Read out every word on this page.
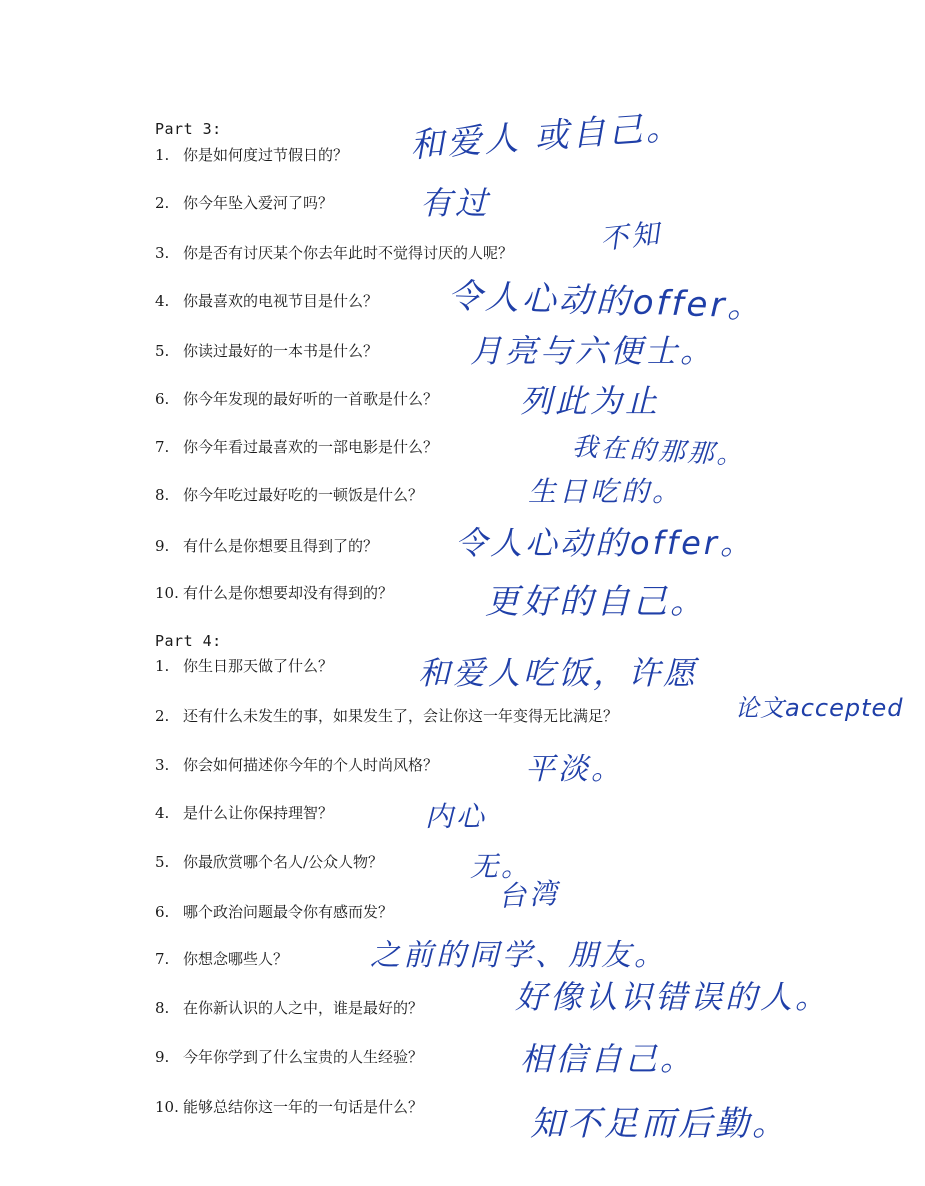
Part 3:
1. 你是如何度过节假日的？ 和爱人 或自己。
2. 你今年坠入爱河了吗？	有过
3. 你是否有讨厌某个你去年此时不觉得讨厌的人呢？	不知
4. 你最喜欢的电视节目是什么？ 令人心动的offer。
5. 你读过最好的一本书是什么？	月亮与六便士。
6. 你今年发现的最好听的一首歌是什么？	列此为止
7. 你今年看过最喜欢的一部电影是什么？	我在的那那。
8. 你今年吃过最好吃的一顿饭是什么？	生日吃的。
9. 有什么是你想要且得到了的？ 令人心动的offer。
10. 有什么是你想要却没有得到的？	更好的自己。
Part 4:
1. 你生日那天做了什么？	和爱人吃饭，许愿
2. 还有什么未发生的事，如果发生了，会让你这一年变得无比满足？	论文accepted
3. 你会如何描述你今年的个人时尚风格？	平淡。
4. 是什么让你保持理智？	内心
5. 你最欣赏哪个名人/公众人物？	无。
6. 哪个政治问题最令你有感而发？	台湾
7. 你想念哪些人？	之前的同学、朋友。
8. 在你新认识的人之中，谁是最好的？	好像认识错误的人。
9. 今年你学到了什么宝贵的人生经验？	相信自己。
10. 能够总结你这一年的一句话是什么？	知不足而后勤。
